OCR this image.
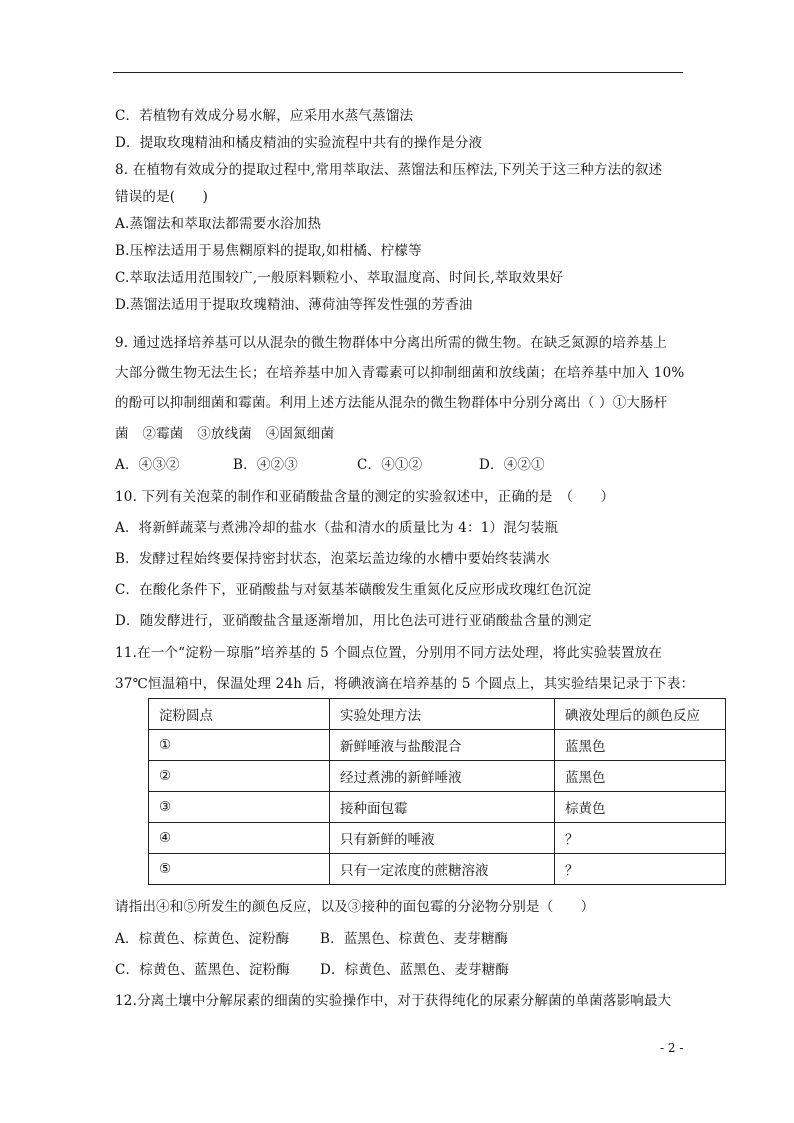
C．若植物有效成分易水解，应采用水蒸气蒸馏法
D．提取玫瑰精油和橘皮精油的实验流程中共有的操作是分液
8. 在植物有效成分的提取过程中,常用萃取法、蒸馏法和压榨法,下列关于这三种方法的叙述
错误的是(　　)
A.蒸馏法和萃取法都需要水浴加热
B.压榨法适用于易焦糊原料的提取,如柑橘、柠檬等
C.萃取法适用范围较广,一般原料颗粒小、萃取温度高、时间长,萃取效果好
D.蒸馏法适用于提取玫瑰精油、薄荷油等挥发性强的芳香油
9. 通过选择培养基可以从混杂的微生物群体中分离出所需的微生物。在缺乏氮源的培养基上
大部分微生物无法生长；在培养基中加入青霉素可以抑制细菌和放线菌；在培养基中加入 10%
的酚可以抑制细菌和霉菌。利用上述方法能从混杂的微生物群体中分别分离出（ ）①大肠杆
菌　②霉菌　③放线菌　④固氮细菌
A．④③②	B．④②③	C．④①②	D．④②①
10. 下列有关泡菜的制作和亚硝酸盐含量的测定的实验叙述中，正确的是　（　　）
A．将新鲜蔬菜与煮沸冷却的盐水（盐和清水的质量比为 4：1）混匀装瓶
B．发酵过程始终要保持密封状态，泡菜坛盖边缘的水槽中要始终装满水
C．在酸化条件下，亚硝酸盐与对氨基苯磺酸发生重氮化反应形成玫瑰红色沉淀
D．随发酵进行，亚硝酸盐含量逐渐增加，用比色法可进行亚硝酸盐含量的测定
11.在一个“淀粉－琼脂”培养基的 5 个圆点位置，分别用不同方法处理，将此实验装置放在
37℃恒温箱中，保温处理 24h 后，将碘液滴在培养基的 5 个圆点上，其实验结果记录于下表：
淀粉圆点	实验处理方法	碘液处理后的颜色反应
①	新鲜唾液与盐酸混合	蓝黑色
②	经过煮沸的新鲜唾液	蓝黑色
③	接种面包霉	棕黄色
④	只有新鲜的唾液	？
⑤	只有一定浓度的蔗糖溶液	？
请指出④和⑤所发生的颜色反应，以及③接种的面包霉的分泌物分别是（　　）
A．棕黄色、棕黄色、淀粉酶 B．蓝黑色、棕黄色、麦芽糖酶
C．棕黄色、蓝黑色、淀粉酶 D．棕黄色、蓝黑色、麦芽糖酶
12.分离土壤中分解尿素的细菌的实验操作中，对于获得纯化的尿素分解菌的单菌落影响最大
- 2 -
